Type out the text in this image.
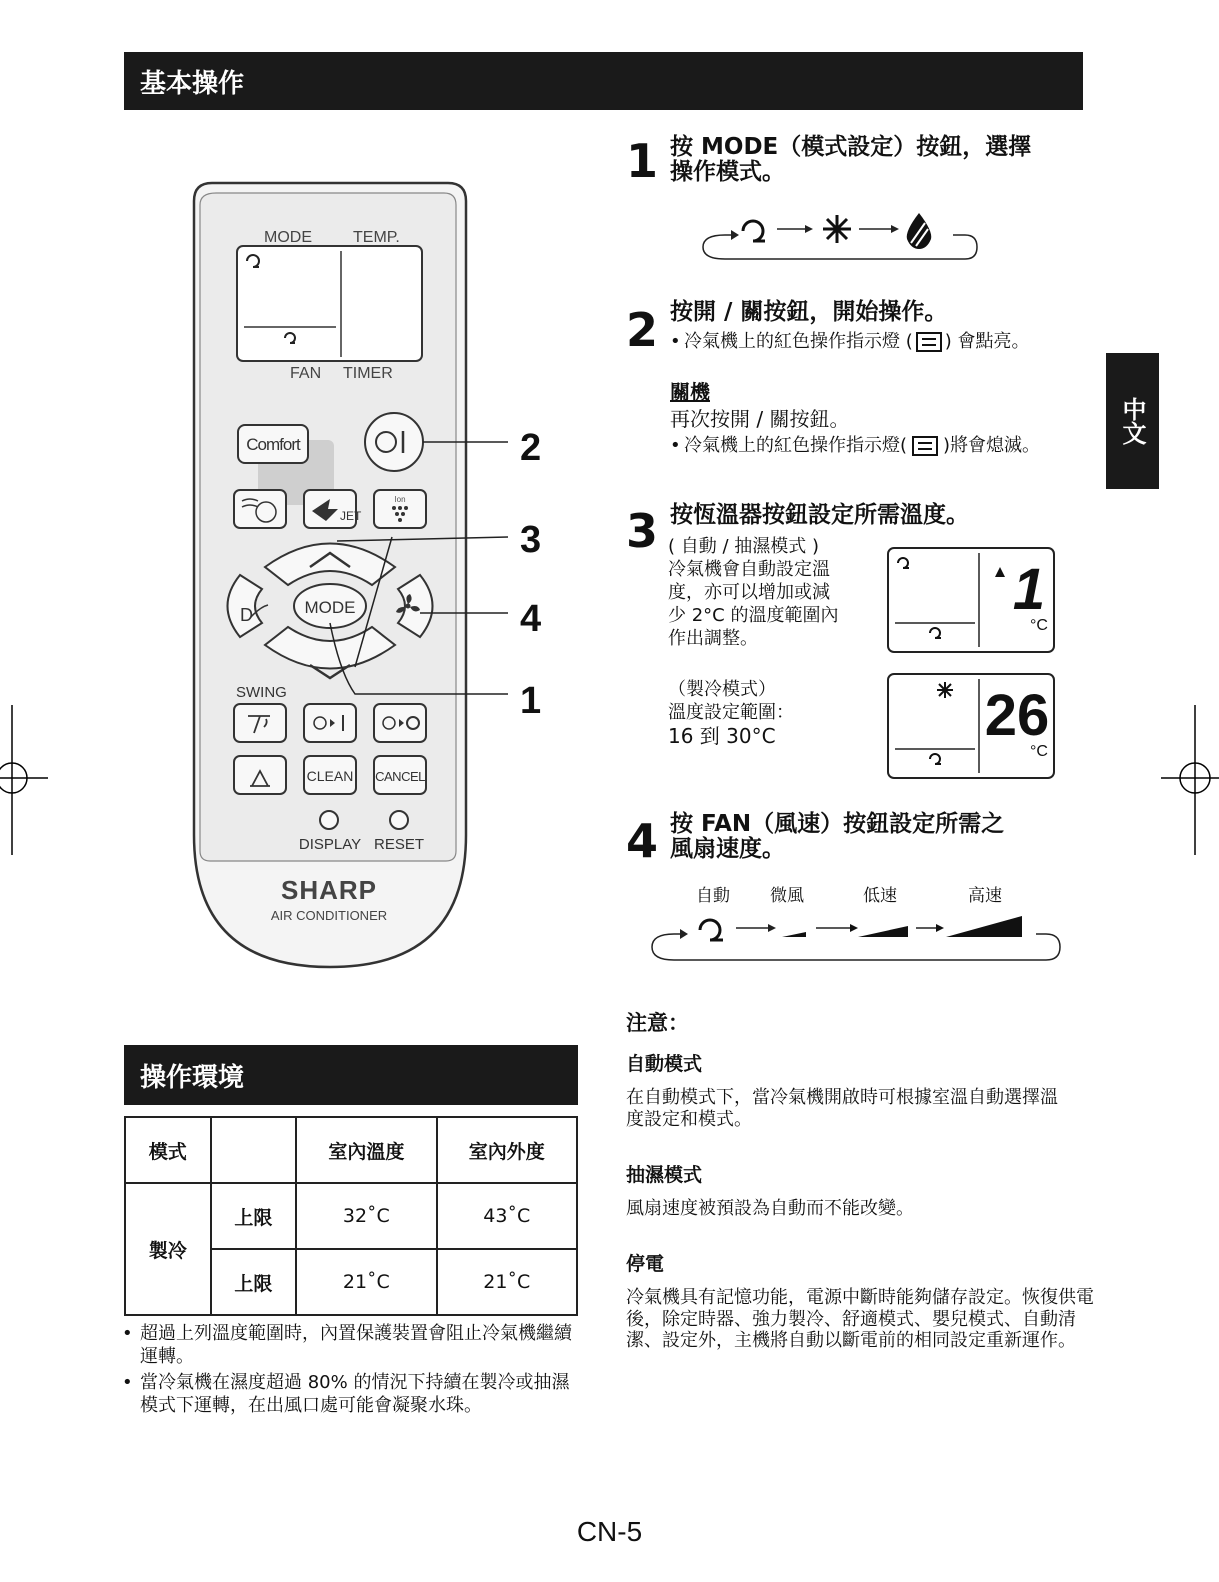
基本操作
MODE	TEMP.
FAN TIMER
Comfort
JET
Ion
D	MODE
SWING
CLEAN CANCEL
DISPLAY RESET
SHARP
AIR CONDITIONER
2
3
4
1
1 按 MODE（模式設定）按鈕，選擇
操作模式。
2 按開 / 關按鈕，開始操作。
• 冷氣機上的紅色操作指示燈 ( ) 會點亮。
關機
再次按開 / 關按鈕。
• 冷氣機上的紅色操作指示燈( )將會熄滅。
中文
3 按恆溫器按鈕設定所需溫度。
( 自動 / 抽濕模式 )
冷氣機會自動設定溫
度，亦可以增加或減
少 2°C 的溫度範圍內
作出調整。
1
°C
（製冷模式）
溫度設定範圍：
16 到 30°C	26
°C
4 按 FAN（風速）按鈕設定所需之
風扇速度。
自動 微風	低速	高速
操作環境
模式		室內溫度	室內外度
製冷	上限	32˚C	43˚C
	上限	21˚C	21˚C
• 超過上列溫度範圍時，內置保護裝置會阻止冷氣機繼續運轉。
• 當冷氣機在濕度超過 80% 的情況下持續在製冷或抽濕模式下運轉，在出風口處可能會凝聚水珠。
注意：
自動模式
在自動模式下，當冷氣機開啟時可根據室溫自動選擇溫度設定和模式。
抽濕模式
風扇速度被預設為自動而不能改變。
停電
冷氣機具有記憶功能，電源中斷時能夠儲存設定。恢復供電後，除定時器、強力製冷、舒適模式、嬰兒模式、自動清潔、設定外，主機將自動以斷電前的相同設定重新運作。
CN-5
